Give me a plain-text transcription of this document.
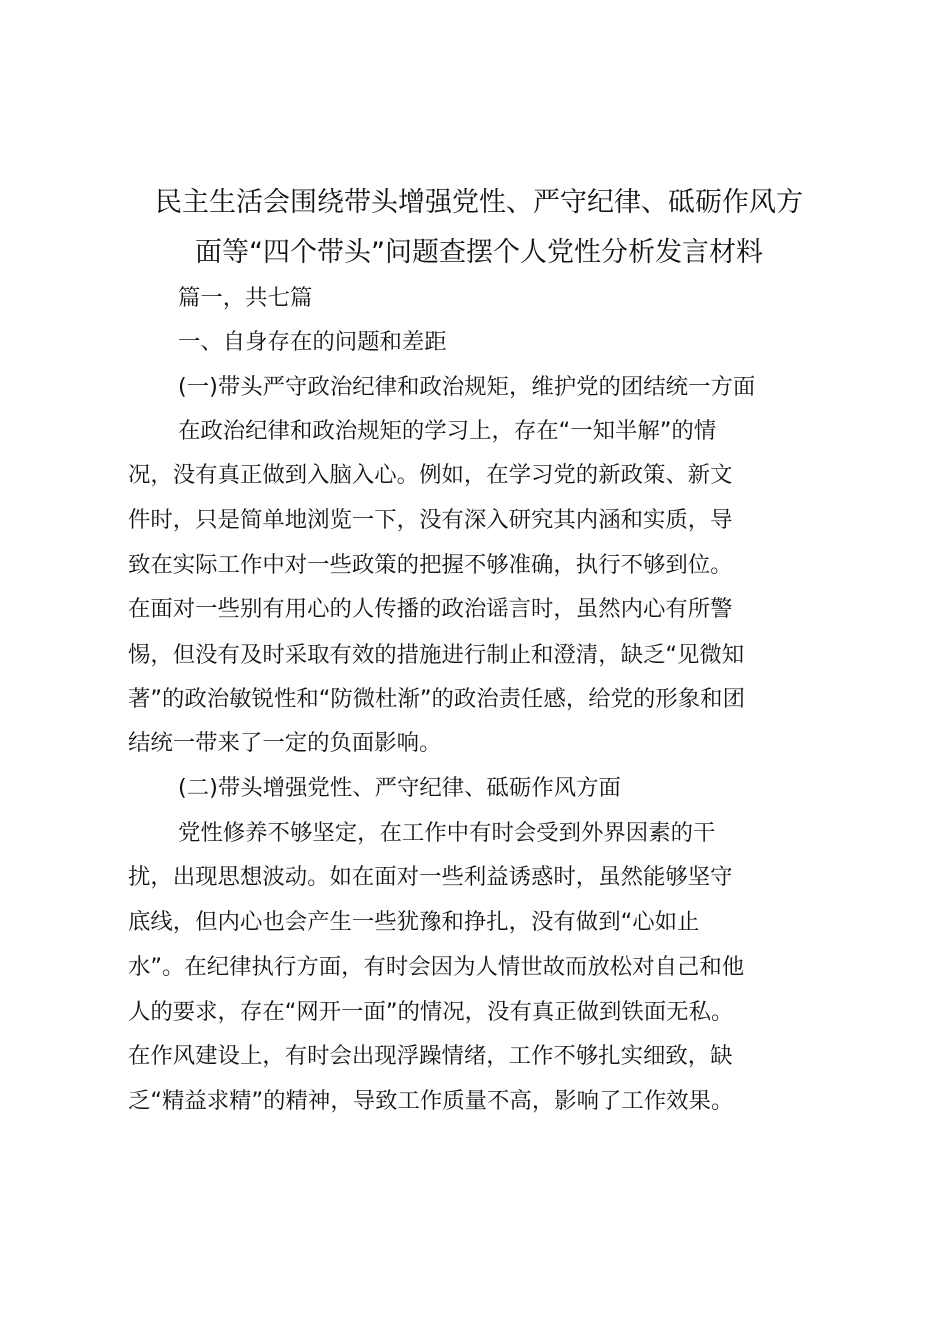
民主生活会围绕带头增强党性、严守纪律、砥砺作风方
面等“四个带头”问题查摆个人党性分析发言材料

篇一，共七篇

一、自身存在的问题和差距

(一)带头严守政治纪律和政治规矩，维护党的团结统一方面

在政治纪律和政治规矩的学习上，存在“一知半解”的情

况，没有真正做到入脑入心。例如，在学习党的新政策、新文

件时，只是简单地浏览一下，没有深入研究其内涵和实质，导

致在实际工作中对一些政策的把握不够准确，执行不够到位。

在面对一些别有用心的人传播的政治谣言时，虽然内心有所警

惕，但没有及时采取有效的措施进行制止和澄清，缺乏“见微知

著”的政治敏锐性和“防微杜渐”的政治责任感，给党的形象和团

结统一带来了一定的负面影响。

(二)带头增强党性、严守纪律、砥砺作风方面

党性修养不够坚定，在工作中有时会受到外界因素的干

扰，出现思想波动。如在面对一些利益诱惑时，虽然能够坚守

底线，但内心也会产生一些犹豫和挣扎，没有做到“心如止

水”。在纪律执行方面，有时会因为人情世故而放松对自己和他

人的要求，存在“网开一面”的情况，没有真正做到铁面无私。

在作风建设上，有时会出现浮躁情绪，工作不够扎实细致，缺

乏“精益求精”的精神，导致工作质量不高，影响了工作效果。
